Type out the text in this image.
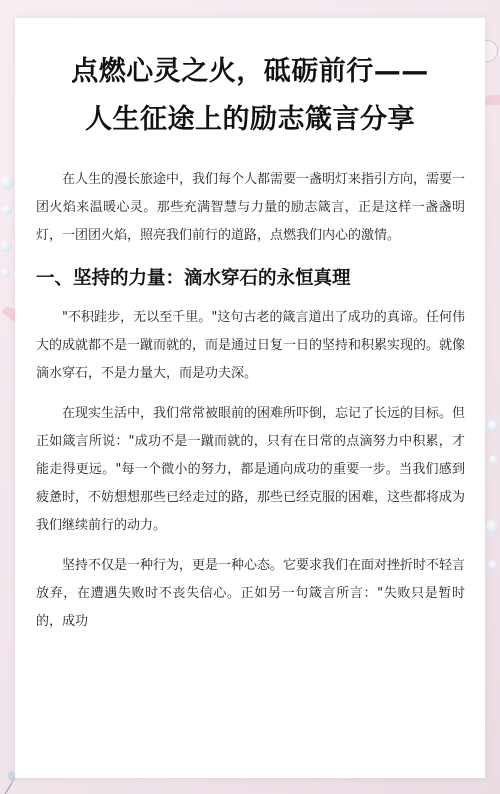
点燃心灵之火，砥砺前行——
人生征途上的励志箴言分享

在人生的漫长旅途中，我们每个人都需要一盏明灯来指引方向，需要一团火焰来温暖心灵。那些充满智慧与力量的励志箴言，正是这样一盏盏明灯，一团团火焰，照亮我们前行的道路，点燃我们内心的激情。

一、坚持的力量：滴水穿石的永恒真理

"不积跬步，无以至千里。"这句古老的箴言道出了成功的真谛。任何伟大的成就都不是一蹴而就的，而是通过日复一日的坚持和积累实现的。就像滴水穿石，不是力量大，而是功夫深。

在现实生活中，我们常常被眼前的困难所吓倒，忘记了长远的目标。但正如箴言所说："成功不是一蹴而就的，只有在日常的点滴努力中积累，才能走得更远。"每一个微小的努力，都是通向成功的重要一步。当我们感到疲惫时，不妨想想那些已经走过的路，那些已经克服的困难，这些都将成为我们继续前行的动力。

坚持不仅是一种行为，更是一种心态。它要求我们在面对挫折时不轻言放弃，在遭遇失败时不丧失信心。正如另一句箴言所言："失败只是暂时的，成功
